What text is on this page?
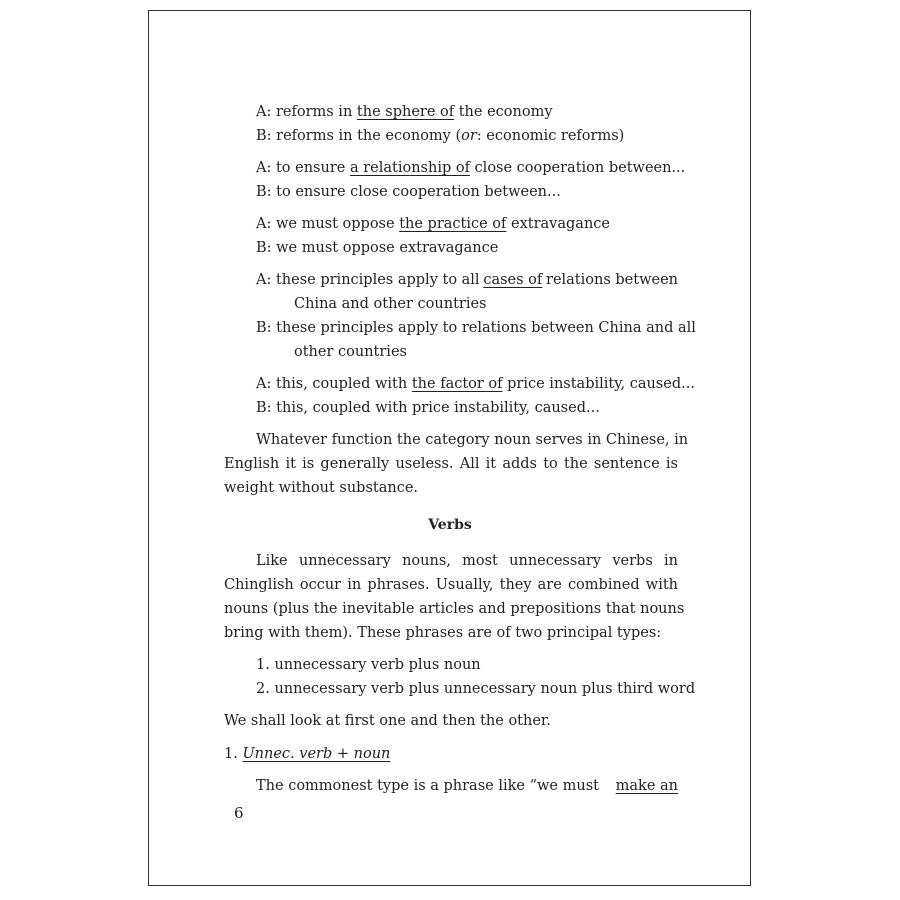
A: reforms in the sphere of the economy
B: reforms in the economy (or: economic reforms)
A: to ensure a relationship of close cooperation between...
B: to ensure close cooperation between...
A: we must oppose the practice of extravagance
B: we must oppose extravagance
A: these principles apply to all cases of relations between
China and other countries
B: these principles apply to relations between China and all
other countries
A: this, coupled with the factor of price instability, caused...
B: this, coupled with price instability, caused...
Whatever function the category noun serves in Chinese, in
English it is generally useless. All it adds to the sentence is
weight without substance.
Verbs
Like unnecessary nouns, most unnecessary verbs in
Chinglish occur in phrases. Usually, they are combined with
nouns (plus the inevitable articles and prepositions that nouns
bring with them). These phrases are of two principal types:
1. unnecessary verb plus noun
2. unnecessary verb plus unnecessary noun plus third word
We shall look at first one and then the other.
1. Unnec. verb + noun
The commonest type is a phrase like “we must make an
6
